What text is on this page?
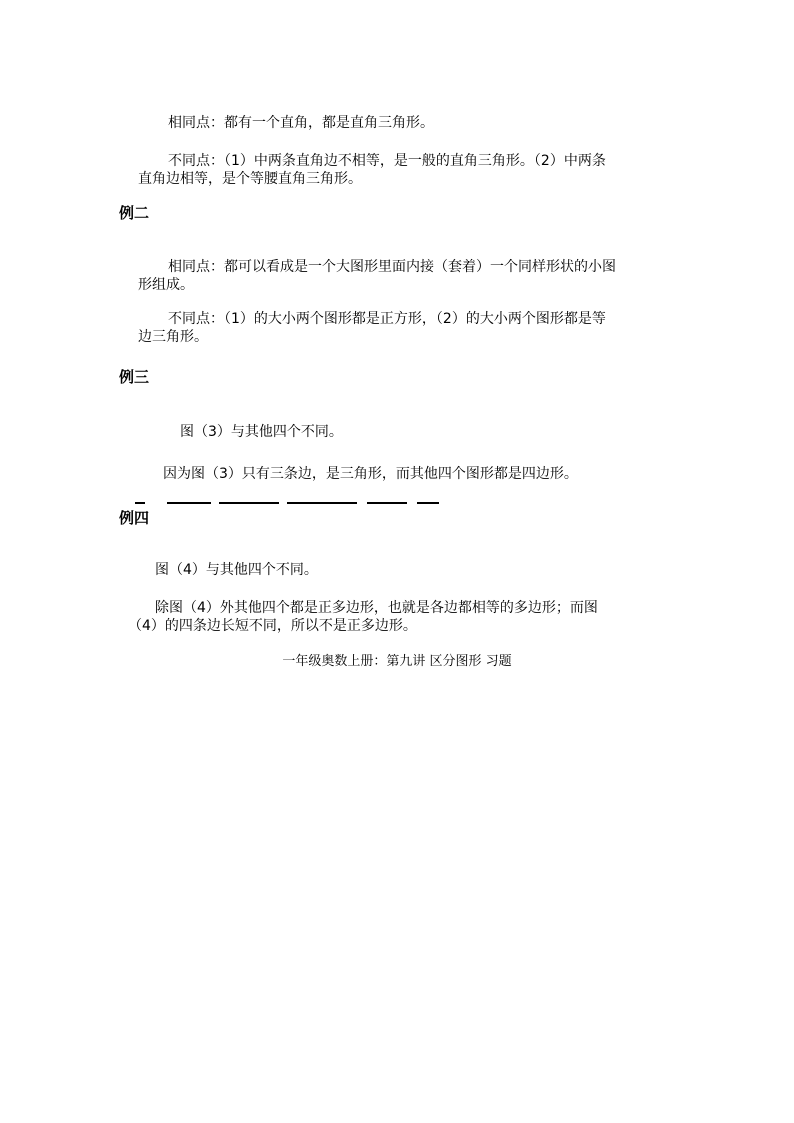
相同点：都有一个直角，都是直角三角形。
不同点：（1）中两条直角边不相等，是一般的直角三角形。（2）中两条
直角边相等，是个等腰直角三角形。
例二
相同点：都可以看成是一个大图形里面内接（套着）一个同样形状的小图
形组成。
不同点：（1）的大小两个图形都是正方形，（2）的大小两个图形都是等
边三角形。
例三
图（3）与其他四个不同。
因为图（3）只有三条边，是三角形，而其他四个图形都是四边形。
例四
图（4）与其他四个不同。
除图（4）外其他四个都是正多边形，也就是各边都相等的多边形；而图
（4）的四条边长短不同，所以不是正多边形。
一年级奥数上册：第九讲 区分图形 习题
